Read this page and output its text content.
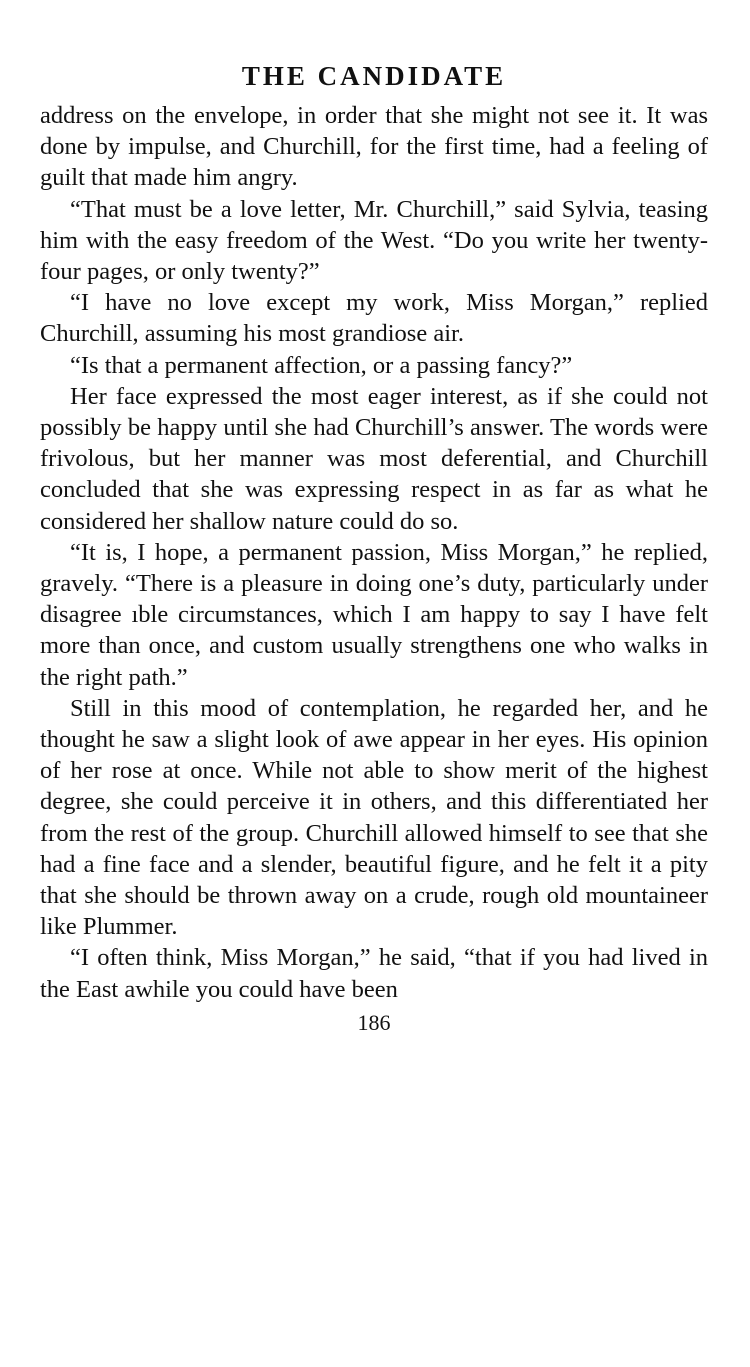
THE CANDIDATE

address on the envelope, in order that she might not see it. It was done by impulse, and Churchill, for the first time, had a feeling of guilt that made him angry.

“That must be a love letter, Mr. Churchill,” said Sylvia, teasing him with the easy freedom of the West. “Do you write her twenty-four pages, or only twenty?”

“I have no love except my work, Miss Morgan,” replied Churchill, assuming his most grandiose air.

“Is that a permanent affection, or a passing fancy?”

Her face expressed the most eager interest, as if she could not possibly be happy until she had Churchill’s answer. The words were frivolous, but her manner was most deferential, and Churchill concluded that she was expressing respect in as far as what he considered her shallow nature could do so.

“It is, I hope, a permanent passion, Miss Morgan,” he replied, gravely. “There is a pleasure in doing one’s duty, particularly under disagree ıble circumstances, which I am happy to say I have felt more than once, and custom usually strengthens one who walks in the right path.”

Still in this mood of contemplation, he regarded her, and he thought he saw a slight look of awe appear in her eyes. His opinion of her rose at once. While not able to show merit of the highest degree, she could perceive it in others, and this differentiated her from the rest of the group. Churchill allowed himself to see that she had a fine face and a slender, beautiful figure, and he felt it a pity that she should be thrown away on a crude, rough old mountaineer like Plummer.

“I often think, Miss Morgan,” he said, “that if you had lived in the East awhile you could have been

186
